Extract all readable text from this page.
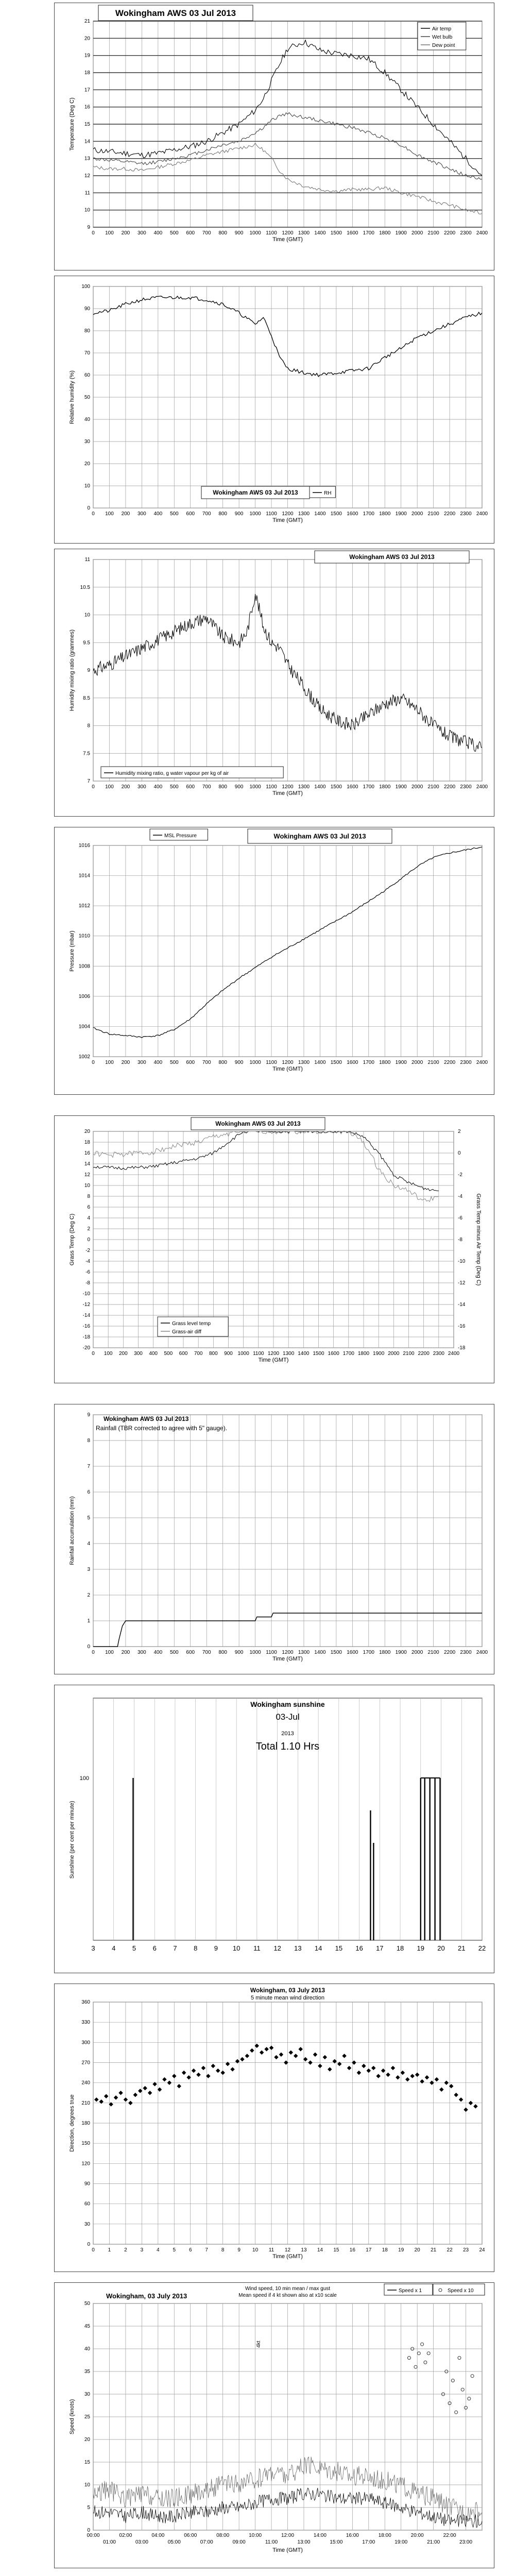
0 100 200 300 400 500 600 700 800 900 1000 1100 1200 1300 1400 1500 1600 1700 1800 1900 2000 2100 2200 2300 2400
9
10
11
12
13
14
15
16
17
18
19
20
21
Time (GMT)
Temperature (Deg C)
Wokingham AWS 03 Jul 2013
Air temp
Wet bulb
Dew point
0 100 200 300 400 500 600 700 800 900 1000 1100 1200 1300 1400 1500 1600 1700 1800 1900 2000 2100 2200 2300 2400
0
10
20
30
40
50
60
70
80
90
100
Time (GMT)
Relative humidity (%)
Wokingham AWS 03 Jul 2013	RH
0 100 200 300 400 500 600 700 800 900 1000 1100 1200 1300 1400 1500 1600 1700 1800 1900 2000 2100 2200 2300 2400
7
7.5
8
8.5
9
9.5
10
10.5
11
Time (GMT)
Humidity mixing ratio (grammes)
Wokingham AWS 03 Jul 2013
Humidity mixing ratio, g water vapour per kg of air
0 100 200 300 400 500 600 700 800 900 1000 1100 1200 1300 1400 1500 1600 1700 1800 1900 2000 2100 2200 2300 2400
1002
1004
1006
1008
1010
1012
1014
1016
Time (GMT)
Pressure (mbar)
MSL Pressure	Wokingham AWS 03 Jul 2013
0 100 200 300 400 500 600 700 800 900 1000 1100 1200 1300 1400 1500 1600 1700 1800 1900 2000 2100 2200 2300 2400
20
18
16
14
12
10
8
6
4
2
0
-2
-4
-6
-8
-10
-12
-14
-16
-18
-20
Time (GMT)
Grass Temp (Deg C)
2
0
-2
-4
-6
-8
-10
-12
-14
-16
-18
Grass Temp minus Air Temp (Deg C)
Wokingham AWS 03 Jul 2013
Grass level temp
Grass-air diff
0 100 200 300 400 500 600 700 800 900 1000 1100 1200 1300 1400 1500 1600 1700 1800 1900 2000 2100 2200 2300 2400
0
1
2
3
4
5
6
7
8
9
Time (GMT)
Rainfall accumulation (mm)
Wokingham AWS 03 Jul 2013
Rainfall (TBR corrected to agree with 5" gauge).
3	4	5	6	7	8	9 10 11 12 13 14 15 16 17 18 19 20 21 22
100
Sunshine (per cent per minute)
Wokingham sunshine
03-Jul
2013
Total 1.10 Hrs
0	1	2	3	4	5	6	7	8	9 10 11 12 13 14 15 16 17 18 19 20 21 22 23 24
0
30
60
90
120
150
180
210
240
270
300
330
360
Time (GMT)
Direction, degrees true
Wokingham, 03 July 2013
5 minute mean wind direction
0
5
10
15
20
25
30
35
40
45
50
Time (GMT)
Speed (knots)
00:00	02:00	04:00	06:00	08:00	10:00	12:00	14:00	16:00	18:00	20:00	22:00
01:00	03:00	05:00	07:00	09:00	11:00	13:00	15:00	17:00	19:00	21:00	23:00
4kt
Wokingham, 03 July 2013
Wind speed, 10 min mean / max gust
Mean speed if 4 kt shown also at x10 scale
Speed x 1	Speed x 10
